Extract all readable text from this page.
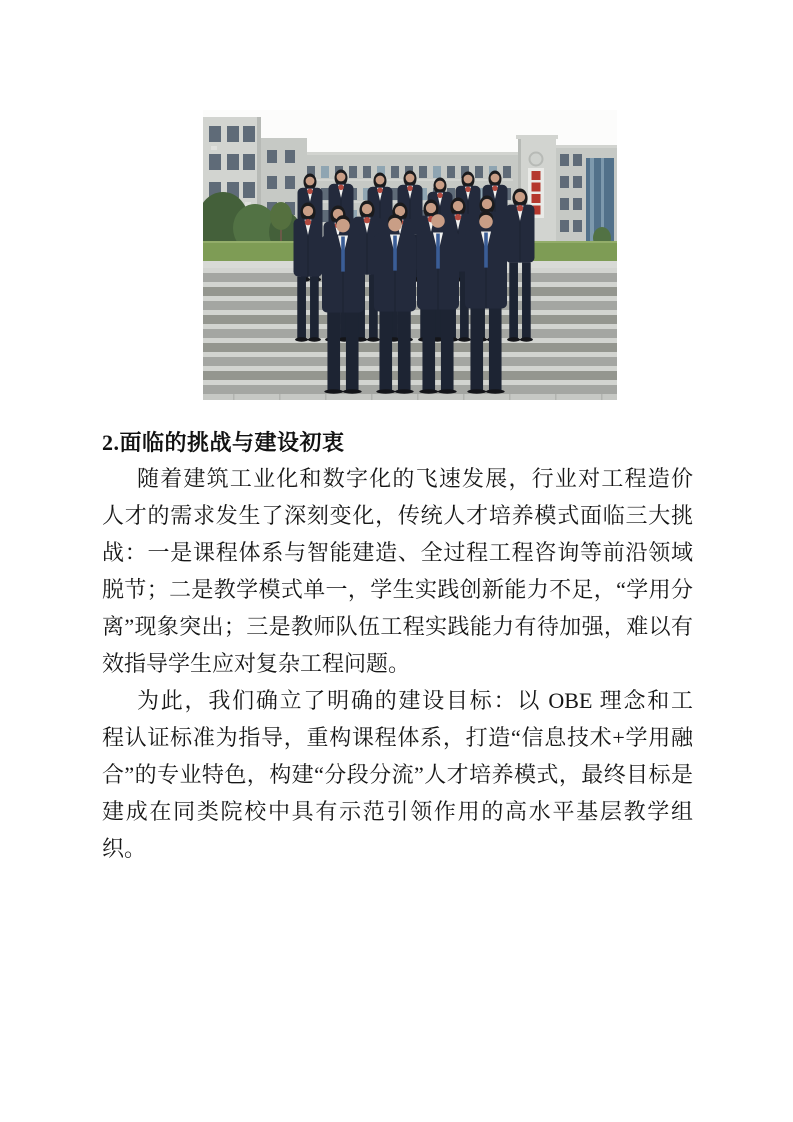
2.面临的挑战与建设初衷
随着建筑工业化和数字化的飞速发展，行业对工程造价
人才的需求发生了深刻变化，传统人才培养模式面临三大挑
战：一是课程体系与智能建造、全过程工程咨询等前沿领域
脱节；二是教学模式单一，学生实践创新能力不足，“学用分
离”现象突出；三是教师队伍工程实践能力有待加强，难以有
效指导学生应对复杂工程问题。
为此，我们确立了明确的建设目标：以 OBE 理念和工
程认证标准为指导，重构课程体系，打造“信息技术+学用融
合”的专业特色，构建“分段分流”人才培养模式，最终目标是
建成在同类院校中具有示范引领作用的高水平基层教学组
织。
